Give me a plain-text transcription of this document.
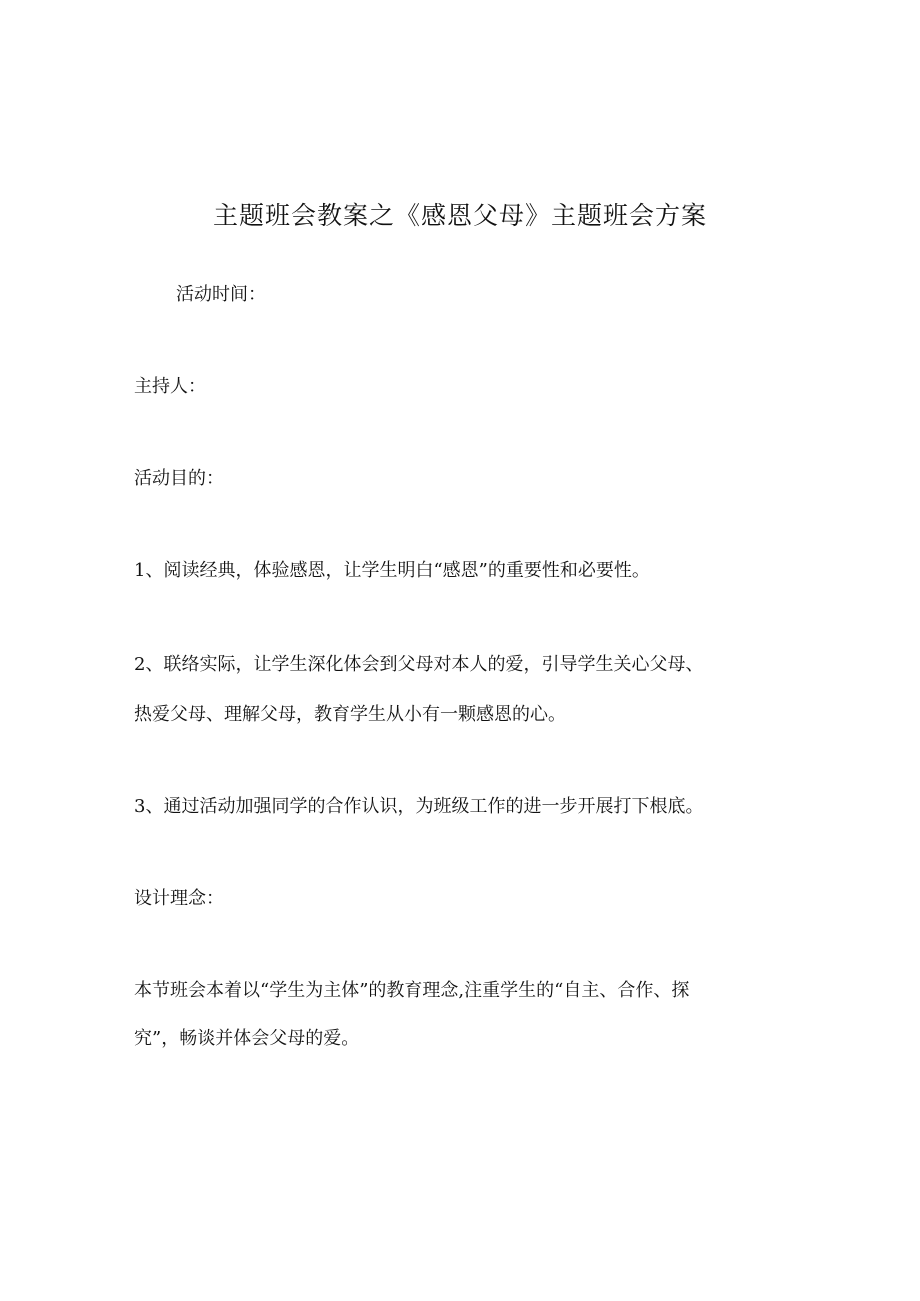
主题班会教案之《感恩父母》主题班会方案
活动时间：
主持人：
活动目的：
1、阅读经典，体验感恩，让学生明白“感恩”的重要性和必要性。
2、联络实际，让学生深化体会到父母对本人的爱，引导学生关心父母、
热爱父母、理解父母，教育学生从小有一颗感恩的心。
3、通过活动加强同学的合作认识，为班级工作的进一步开展打下根底。
设计理念：
本节班会本着以“学生为主体”的教育理念,注重学生的“自主、合作、探
究”，畅谈并体会父母的爱。
